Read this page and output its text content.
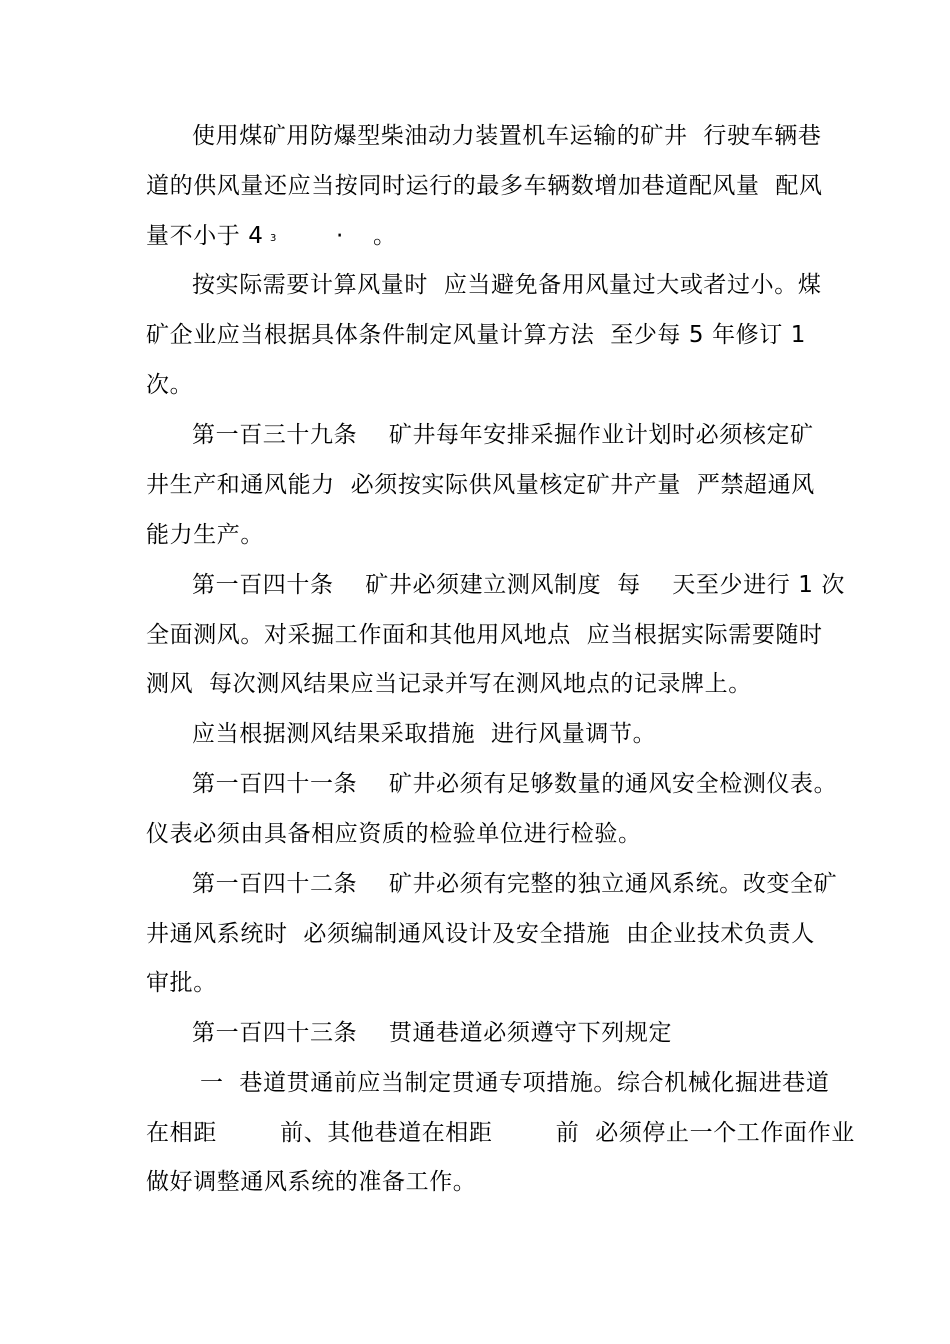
使用煤矿用防爆型柴油动力装置机车运输的矿井  行驶车辆巷
道的供风量还应当按同时运行的最多车辆数增加巷道配风量  配风
量不小于 4 3	· 。
按实际需要计算风量时  应当避免备用风量过大或者过小。煤
矿企业应当根据具体条件制定风量计算方法  至少每 5 年修订 1
次。
第一百三十九条    矿井每年安排采掘作业计划时必须核定矿
井生产和通风能力  必须按实际供风量核定矿井产量  严禁超通风
能力生产。
第一百四十条    矿井必须建立测风制度  每    天至少进行 1 次
全面测风。对采掘工作面和其他用风地点  应当根据实际需要随时
测风  每次测风结果应当记录并写在测风地点的记录牌上。
应当根据测风结果采取措施  进行风量调节。
第一百四十一条    矿井必须有足够数量的通风安全检测仪表。
仪表必须由具备相应资质的检验单位进行检验。
第一百四十二条    矿井必须有完整的独立通风系统。改变全矿
井通风系统时  必须编制通风设计及安全措施  由企业技术负责人
审批。
第一百四十三条    贯通巷道必须遵守下列规定
一  巷道贯通前应当制定贯通专项措施。综合机械化掘进巷道
在相距        前、其他巷道在相距        前  必须停止一个工作面作业
做好调整通风系统的准备工作。
